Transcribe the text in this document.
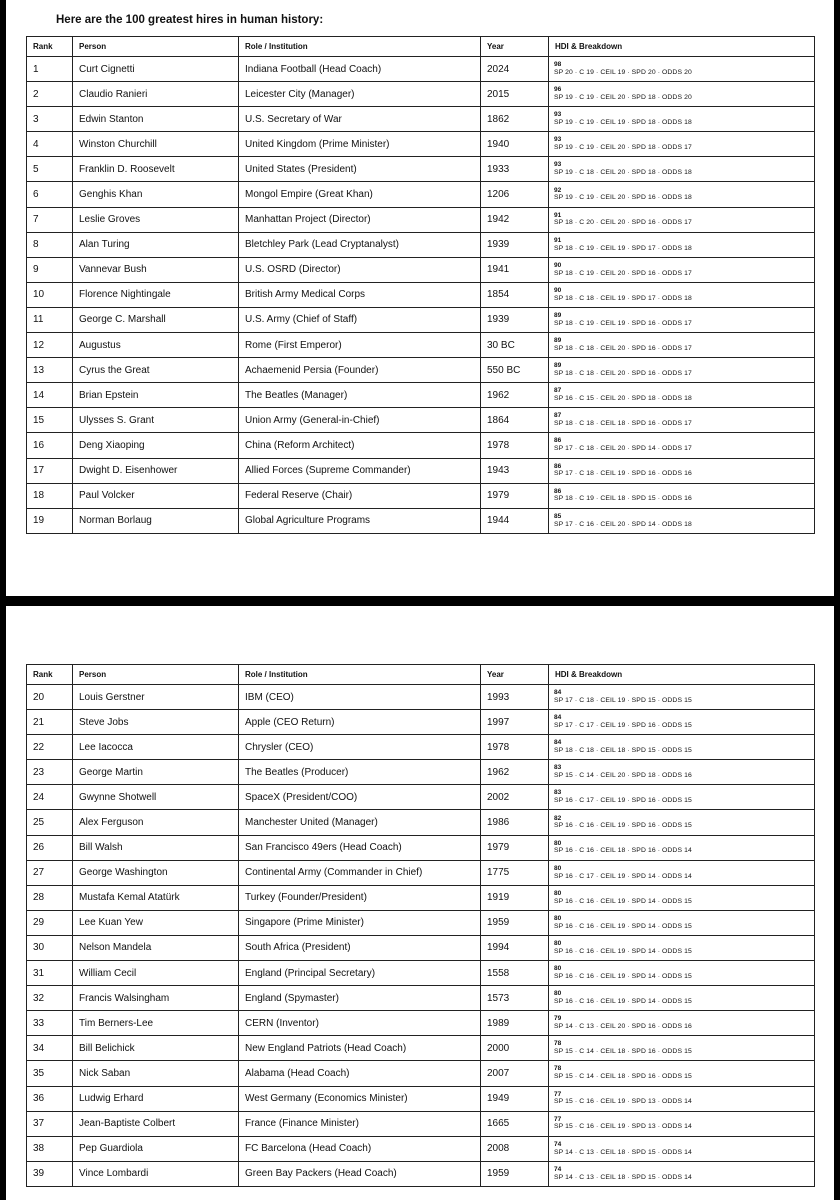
Here are the 100 greatest hires in human history:
Rank	Person	Role / Institution	Year	HDI & Breakdown
1	Curt Cignetti	Indiana Football (Head Coach)	2024	98
SP 20 · C 19 · CEIL 19 · SPD 20 · ODDS 20

2	Claudio Ranieri	Leicester City (Manager)	2015	96
SP 19 · C 19 · CEIL 20 · SPD 18 · ODDS 20

3	Edwin Stanton	U.S. Secretary of War	1862	93
SP 19 · C 19 · CEIL 19 · SPD 18 · ODDS 18

4	Winston Churchill	United Kingdom (Prime Minister)	1940	93
SP 19 · C 19 · CEIL 20 · SPD 18 · ODDS 17

5	Franklin D. Roosevelt	United States (President)	1933	93
SP 19 · C 18 · CEIL 20 · SPD 18 · ODDS 18

6	Genghis Khan	Mongol Empire (Great Khan)	1206	92
SP 19 · C 19 · CEIL 20 · SPD 16 · ODDS 18

7	Leslie Groves	Manhattan Project (Director)	1942	91
SP 18 · C 20 · CEIL 20 · SPD 16 · ODDS 17

8	Alan Turing	Bletchley Park (Lead Cryptanalyst)	1939	91
SP 18 · C 19 · CEIL 19 · SPD 17 · ODDS 18

9	Vannevar Bush	U.S. OSRD (Director)	1941	90
SP 18 · C 19 · CEIL 20 · SPD 16 · ODDS 17

10	Florence Nightingale	British Army Medical Corps	1854	90
SP 18 · C 18 · CEIL 19 · SPD 17 · ODDS 18

11	George C. Marshall	U.S. Army (Chief of Staff)	1939	89
SP 18 · C 19 · CEIL 19 · SPD 16 · ODDS 17

12	Augustus	Rome (First Emperor)	30 BC	89
SP 18 · C 18 · CEIL 20 · SPD 16 · ODDS 17

13	Cyrus the Great	Achaemenid Persia (Founder)	550 BC	89
SP 18 · C 18 · CEIL 20 · SPD 16 · ODDS 17

14	Brian Epstein	The Beatles (Manager)	1962	87
SP 16 · C 15 · CEIL 20 · SPD 18 · ODDS 18

15	Ulysses S. Grant	Union Army (General-in-Chief)	1864	87
SP 18 · C 18 · CEIL 18 · SPD 16 · ODDS 17

16	Deng Xiaoping	China (Reform Architect)	1978	86
SP 17 · C 18 · CEIL 20 · SPD 14 · ODDS 17

17	Dwight D. Eisenhower	Allied Forces (Supreme Commander)	1943	86
SP 17 · C 18 · CEIL 19 · SPD 16 · ODDS 16

18	Paul Volcker	Federal Reserve (Chair)	1979	86
SP 18 · C 19 · CEIL 18 · SPD 15 · ODDS 16

19	Norman Borlaug	Global Agriculture Programs	1944	85
SP 17 · C 16 · CEIL 20 · SPD 14 · ODDS 18
Rank	Person	Role / Institution	Year	HDI & Breakdown
20	Louis Gerstner	IBM (CEO)	1993	84
SP 17 · C 18 · CEIL 19 · SPD 15 · ODDS 15

21	Steve Jobs	Apple (CEO Return)	1997	84
SP 17 · C 17 · CEIL 19 · SPD 16 · ODDS 15

22	Lee Iacocca	Chrysler (CEO)	1978	84
SP 18 · C 18 · CEIL 18 · SPD 15 · ODDS 15

23	George Martin	The Beatles (Producer)	1962	83
SP 15 · C 14 · CEIL 20 · SPD 18 · ODDS 16

24	Gwynne Shotwell	SpaceX (President/COO)	2002	83
SP 16 · C 17 · CEIL 19 · SPD 16 · ODDS 15

25	Alex Ferguson	Manchester United (Manager)	1986	82
SP 16 · C 16 · CEIL 19 · SPD 16 · ODDS 15

26	Bill Walsh	San Francisco 49ers (Head Coach)	1979	80
SP 16 · C 16 · CEIL 18 · SPD 16 · ODDS 14

27	George Washington	Continental Army (Commander in Chief)	1775	80
SP 16 · C 17 · CEIL 19 · SPD 14 · ODDS 14

28	Mustafa Kemal Atatürk	Turkey (Founder/President)	1919	80
SP 16 · C 16 · CEIL 19 · SPD 14 · ODDS 15

29	Lee Kuan Yew	Singapore (Prime Minister)	1959	80
SP 16 · C 16 · CEIL 19 · SPD 14 · ODDS 15

30	Nelson Mandela	South Africa (President)	1994	80
SP 16 · C 16 · CEIL 19 · SPD 14 · ODDS 15

31	William Cecil	England (Principal Secretary)	1558	80
SP 16 · C 16 · CEIL 19 · SPD 14 · ODDS 15

32	Francis Walsingham	England (Spymaster)	1573	80
SP 16 · C 16 · CEIL 19 · SPD 14 · ODDS 15

33	Tim Berners-Lee	CERN (Inventor)	1989	79
SP 14 · C 13 · CEIL 20 · SPD 16 · ODDS 16

34	Bill Belichick	New England Patriots (Head Coach)	2000	78
SP 15 · C 14 · CEIL 18 · SPD 16 · ODDS 15

35	Nick Saban	Alabama (Head Coach)	2007	78
SP 15 · C 14 · CEIL 18 · SPD 16 · ODDS 15

36	Ludwig Erhard	West Germany (Economics Minister)	1949	77
SP 15 · C 16 · CEIL 19 · SPD 13 · ODDS 14

37	Jean-Baptiste Colbert	France (Finance Minister)	1665	77
SP 15 · C 16 · CEIL 19 · SPD 13 · ODDS 14

38	Pep Guardiola	FC Barcelona (Head Coach)	2008	74
SP 14 · C 13 · CEIL 18 · SPD 15 · ODDS 14

39	Vince Lombardi	Green Bay Packers (Head Coach)	1959	74
SP 14 · C 13 · CEIL 18 · SPD 15 · ODDS 14
